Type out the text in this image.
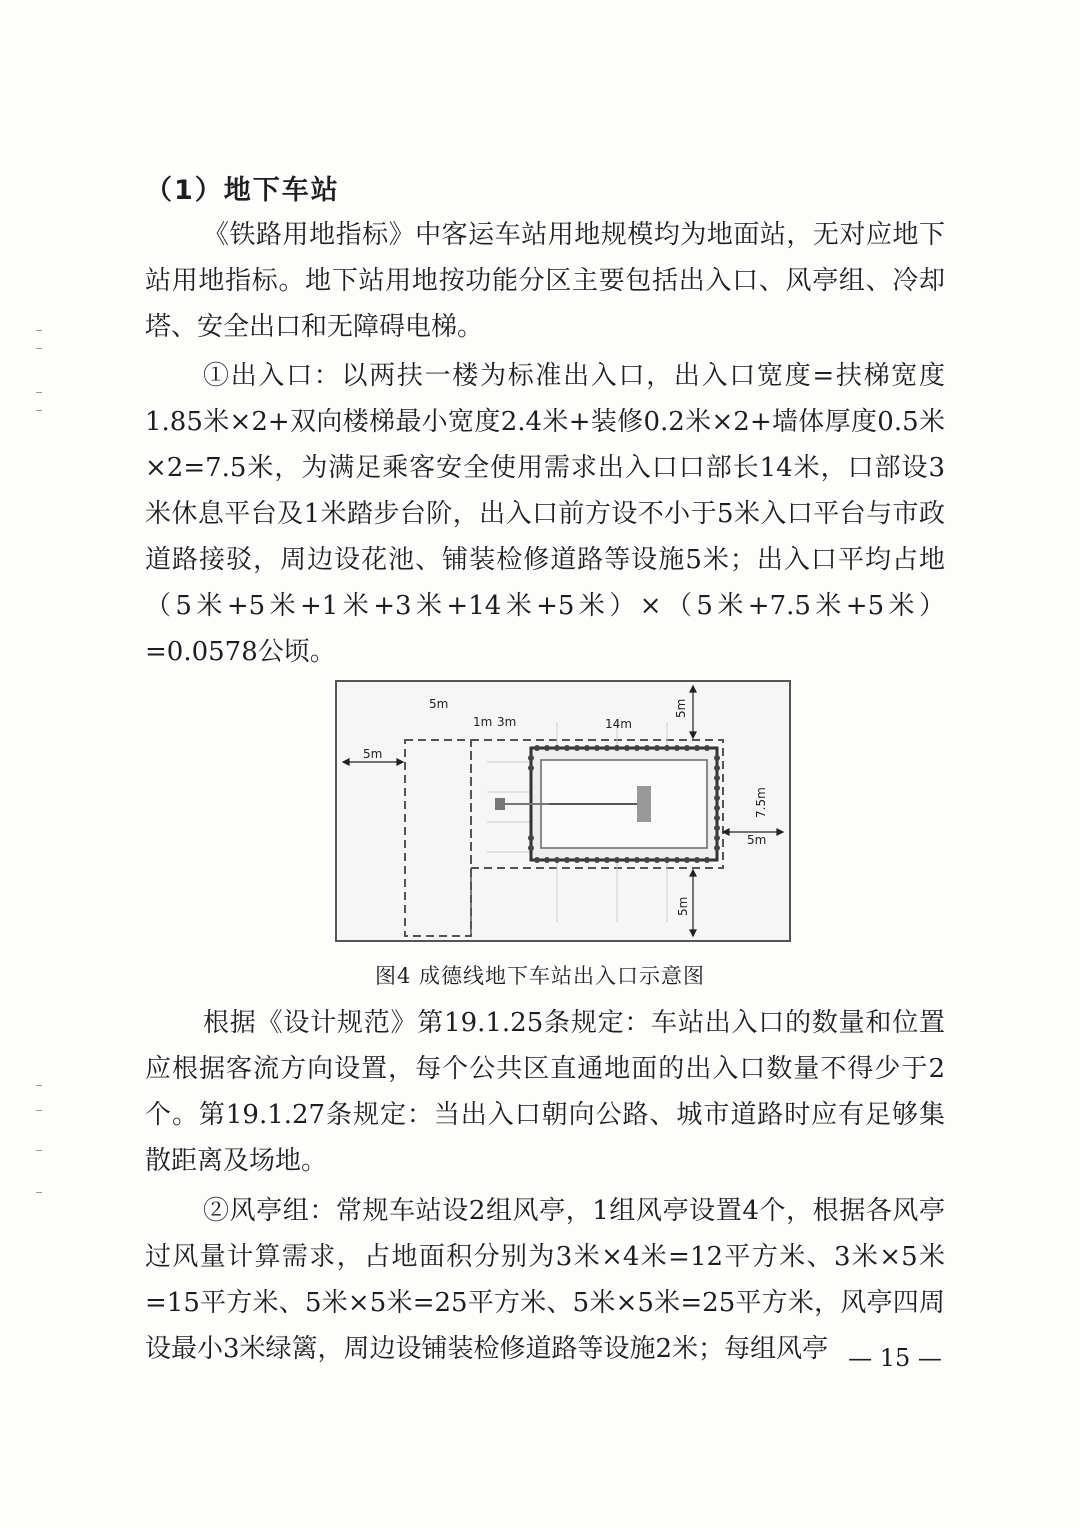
（1）地下车站

《铁路用地指标》中客运车站用地规模均为地面站，无对应地下站用地指标。地下站用地按功能分区主要包括出入口、风亭组、冷却塔、安全出口和无障碍电梯。

①出入口：以两扶一楼为标准出入口，出入口宽度=扶梯宽度1.85米×2+双向楼梯最小宽度2.4米+装修0.2米×2+墙体厚度0.5米×2=7.5米，为满足乘客安全使用需求出入口口部长14米，口部设3米休息平台及1米踏步台阶，出入口前方设不小于5米入口平台与市政道路接驳，周边设花池、铺装检修道路等设施5米；出入口平均占地（5米+5米+1米+3米+14米+5米）×（5米+7.5米+5米）=0.0578公顷。

5m
5m
1m 3m	14m
5m
7.5m
5m
5m
图4 成德线地下车站出入口示意图

根据《设计规范》第19.1.25条规定：车站出入口的数量和位置应根据客流方向设置，每个公共区直通地面的出入口数量不得少于2个。第19.1.27条规定：当出入口朝向公路、城市道路时应有足够集散距离及场地。

②风亭组：常规车站设2组风亭，1组风亭设置4个，根据各风亭过风量计算需求，占地面积分别为3米×4米=12平方米、3米×5米=15平方米、5米×5米=25平方米、5米×5米=25平方米，风亭四周设最小3米绿篱，周边设铺装检修道路等设施2米；每组风亭 — 15 —
